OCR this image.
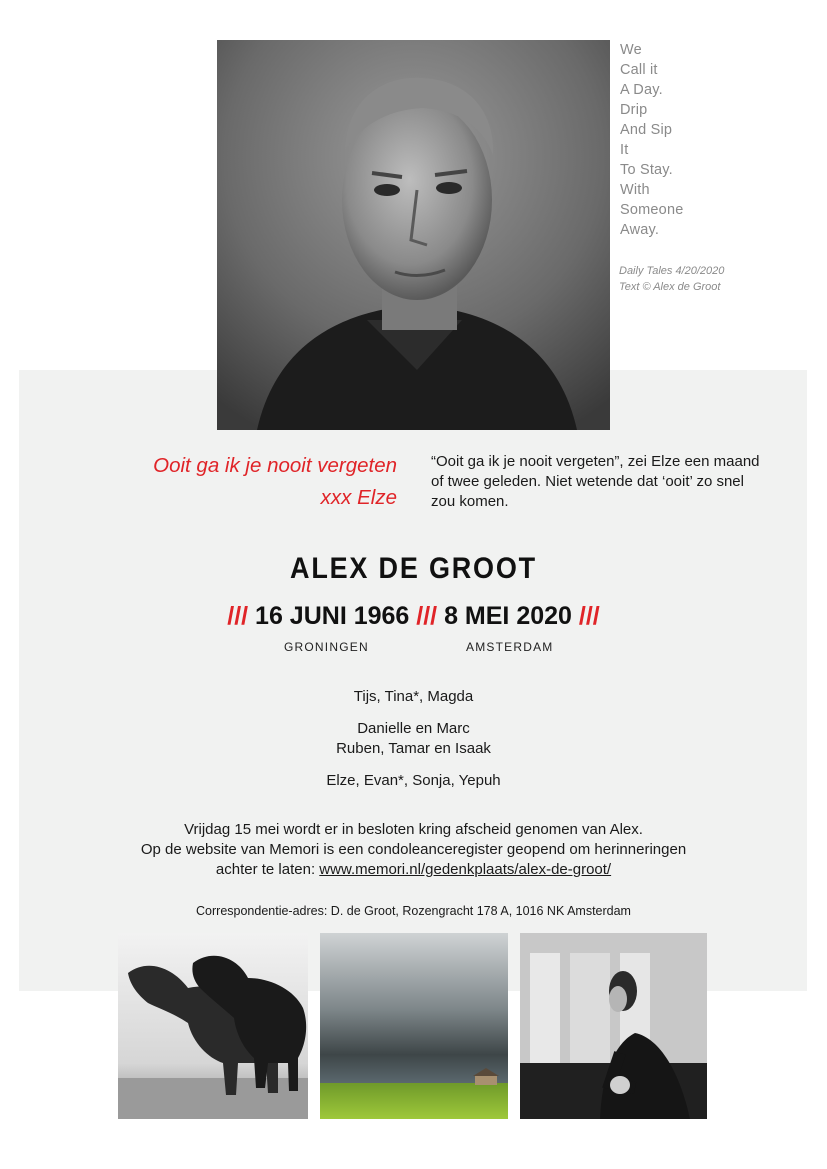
We
Call it
A Day.
Drip
And Sip
It
To Stay.
With
Someone
Away.
Daily Tales 4/20/2020
Text © Alex de Groot
Ooit ga ik je nooit vergeten
xxx Elze
“Ooit ga ik je nooit vergeten”, zei Elze een maand of twee geleden. Niet wetende dat ‘ooit’ zo snel zou komen.
ALEX DE GROOT
/// 16 JUNI 1966 /// 8 MEI 2020 ///
GRONINGEN	AMSTERDAM
Tijs, Tina*, Magda
Danielle en Marc
Ruben, Tamar en Isaak
Elze, Evan*, Sonja, Yepuh
Vrijdag 15 mei wordt er in besloten kring afscheid genomen van Alex.
Op de website van Memori is een condoleanceregister geopend om herinneringen
achter te laten: www.memori.nl/gedenkplaats/alex-de-groot/
Correspondentie-adres: D. de Groot, Rozengracht 178 A, 1016 NK Amsterdam
